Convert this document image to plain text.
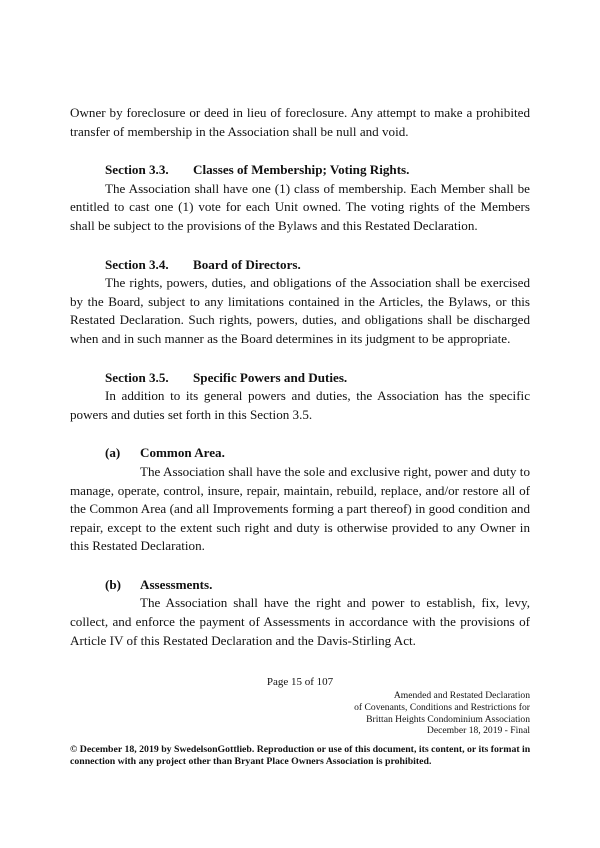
Owner by foreclosure or deed in lieu of foreclosure. Any attempt to make a prohibited transfer of membership in the Association shall be null and void.

Section 3.3. Classes of Membership; Voting Rights.

The Association shall have one (1) class of membership. Each Member shall be entitled to cast one (1) vote for each Unit owned. The voting rights of the Members shall be subject to the provisions of the Bylaws and this Restated Declaration.

Section 3.4. Board of Directors.

The rights, powers, duties, and obligations of the Association shall be exercised by the Board, subject to any limitations contained in the Articles, the Bylaws, or this Restated Declaration. Such rights, powers, duties, and obligations shall be discharged when and in such manner as the Board determines in its judgment to be appropriate.

Section 3.5. Specific Powers and Duties.

In addition to its general powers and duties, the Association has the specific powers and duties set forth in this Section 3.5.

(a) Common Area.

The Association shall have the sole and exclusive right, power and duty to manage, operate, control, insure, repair, maintain, rebuild, replace, and/or restore all of the Common Area (and all Improvements forming a part thereof) in good condition and repair, except to the extent such right and duty is otherwise provided to any Owner in this Restated Declaration.

(b) Assessments.

The Association shall have the right and power to establish, fix, levy, collect, and enforce the payment of Assessments in accordance with the provisions of Article IV of this Restated Declaration and the Davis-Stirling Act.

Page 15 of 107
Amended and Restated Declaration
of Covenants, Conditions and Restrictions for
Brittan Heights Condominium Association
December 18, 2019 - Final
© December 18, 2019 by SwedelsonGottlieb. Reproduction or use of this document, its content, or its format in connection with any project other than Bryant Place Owners Association is prohibited.
